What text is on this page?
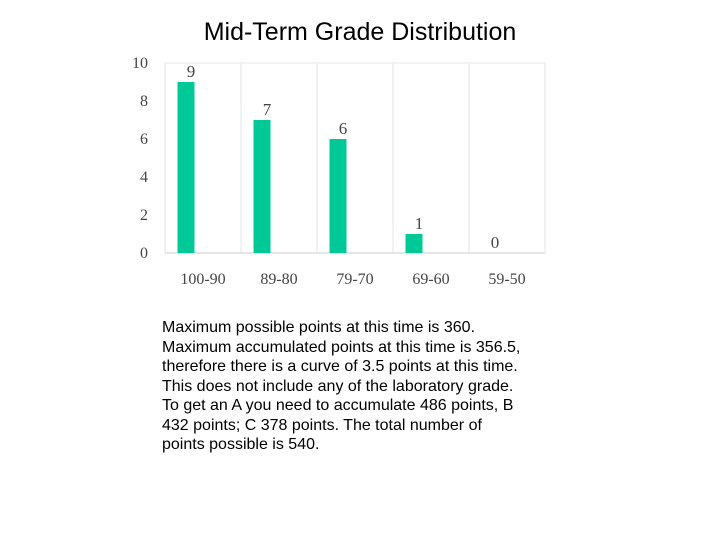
Mid-Term Grade Distribution
0
2
4
6
8
10 9
7
6
1
0
100-90 89-80 79-70 69-60 59-50
Maximum possible points at this time is 360.
Maximum accumulated points at this time is 356.5,
therefore there is a curve of 3.5 points at this time.
This does not include any of the laboratory grade.
To get an A you need to accumulate 486 points, B
432 points; C 378 points. The total number of
points possible is 540.
